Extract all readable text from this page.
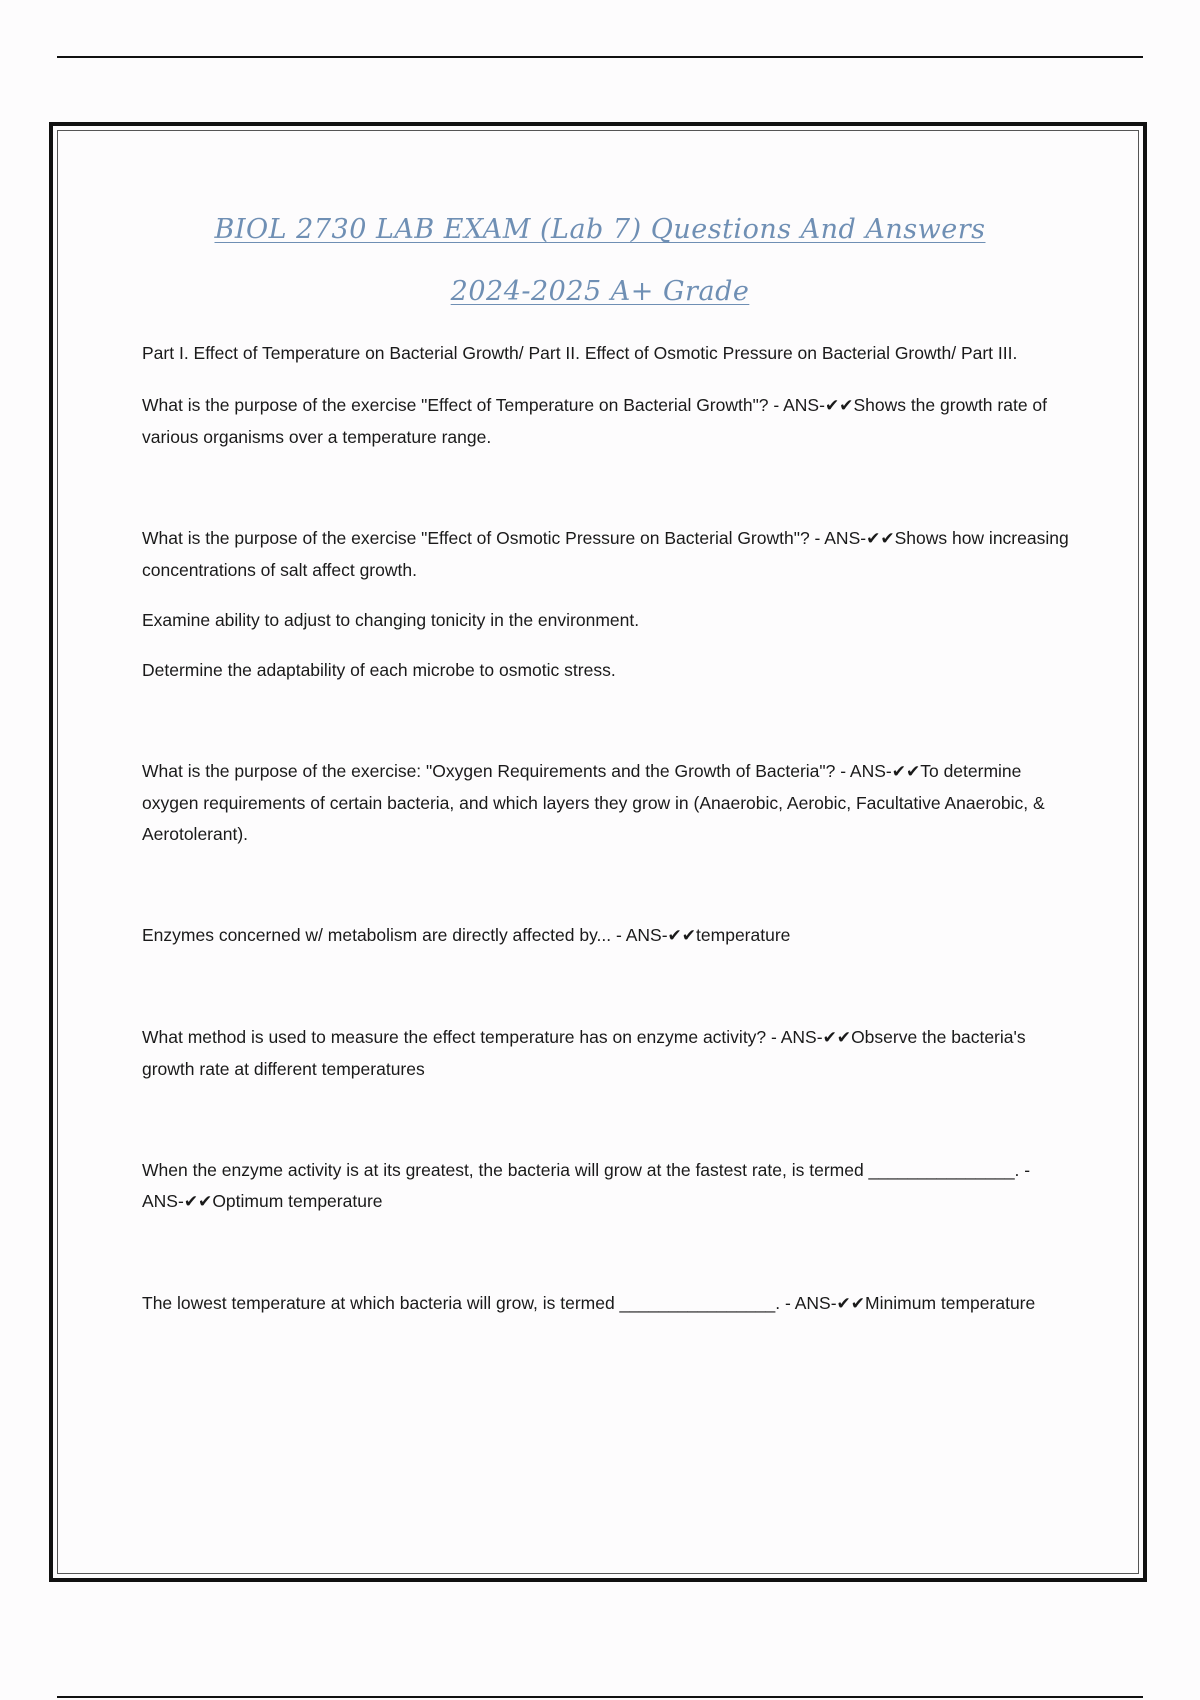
BIOL 2730 LAB EXAM (Lab 7) Questions And Answers
2024-2025 A+ Grade

Part I. Effect of Temperature on Bacterial Growth/ Part II. Effect of Osmotic Pressure on Bacterial Growth/ Part III.

What is the purpose of the exercise "Effect of Temperature on Bacterial Growth"? - ANS-✔✔Shows the growth rate of various organisms over a temperature range.

What is the purpose of the exercise "Effect of Osmotic Pressure on Bacterial Growth"? - ANS-✔✔Shows how increasing concentrations of salt affect growth.

Examine ability to adjust to changing tonicity in the environment.

Determine the adaptability of each microbe to osmotic stress.

What is the purpose of the exercise: "Oxygen Requirements and the Growth of Bacteria"? - ANS-✔✔To determine oxygen requirements of certain bacteria, and which layers they grow in (Anaerobic, Aerobic, Facultative Anaerobic, & Aerotolerant).

Enzymes concerned w/ metabolism are directly affected by... - ANS-✔✔temperature

What method is used to measure the effect temperature has on enzyme activity? - ANS-✔✔Observe the bacteria's growth rate at different temperatures

When the enzyme activity is at its greatest, the bacteria will grow at the fastest rate, is termed _______________. - ANS-✔✔Optimum temperature

The lowest temperature at which bacteria will grow, is termed ________________. - ANS-✔✔Minimum temperature
